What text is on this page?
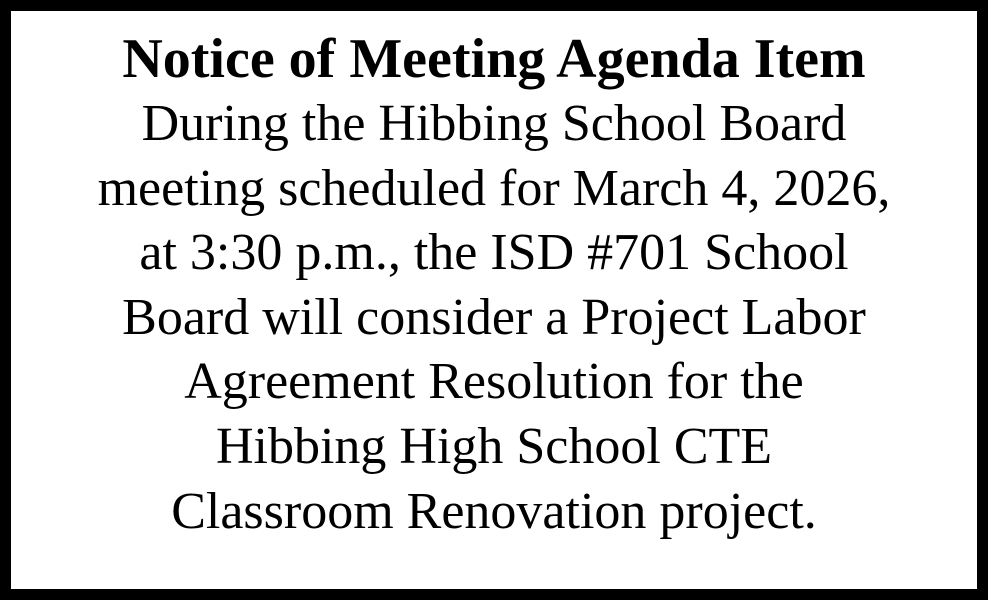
Notice of Meeting Agenda Item

During the Hibbing School Board
meeting scheduled for March 4, 2026,
at 3:30 p.m., the ISD #701 School
Board will consider a Project Labor
Agreement Resolution for the
Hibbing High School CTE
Classroom Renovation project.
